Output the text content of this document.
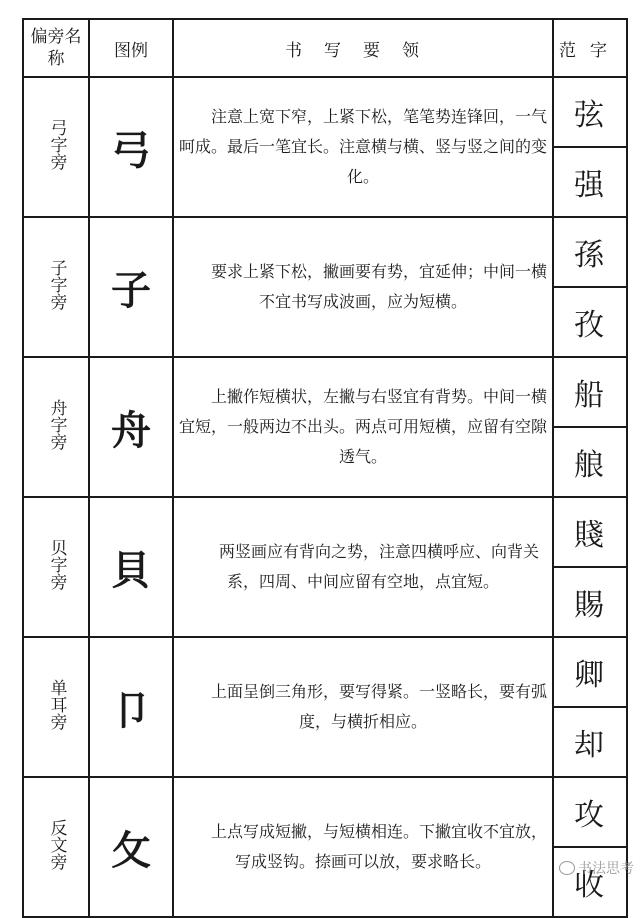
偏旁名称	图例	书写要领	范字
弓字旁	弓	注意上宽下窄，上紧下松，笔笔势连锋回，一气呵成。最后一笔宜长。注意横与横、竖与竖之间的变化。	弦
强

子字旁	子	要求上紧下松，撇画要有势，宜延伸；中间一横不宜书写成波画，应为短横。	孫
孜

舟字旁	舟	上撇作短横状，左撇与右竖宜有背势。中间一横宜短，一般两边不出头。两点可用短横，应留有空隙透气。	船
艆

贝字旁	貝	两竖画应有背向之势，注意四横呼应、向背关系，四周、中间应留有空地，点宜短。	賤
賜

单耳旁	卩	上面呈倒三角形，要写得紧。一竖略长，要有弧度，与横折相应。	卿
却

反文旁	攵	上点写成短撇，与短横相连。下撇宜收不宜放，写成竖钩。捺画可以放，要求略长。	攻
收
书法思考
